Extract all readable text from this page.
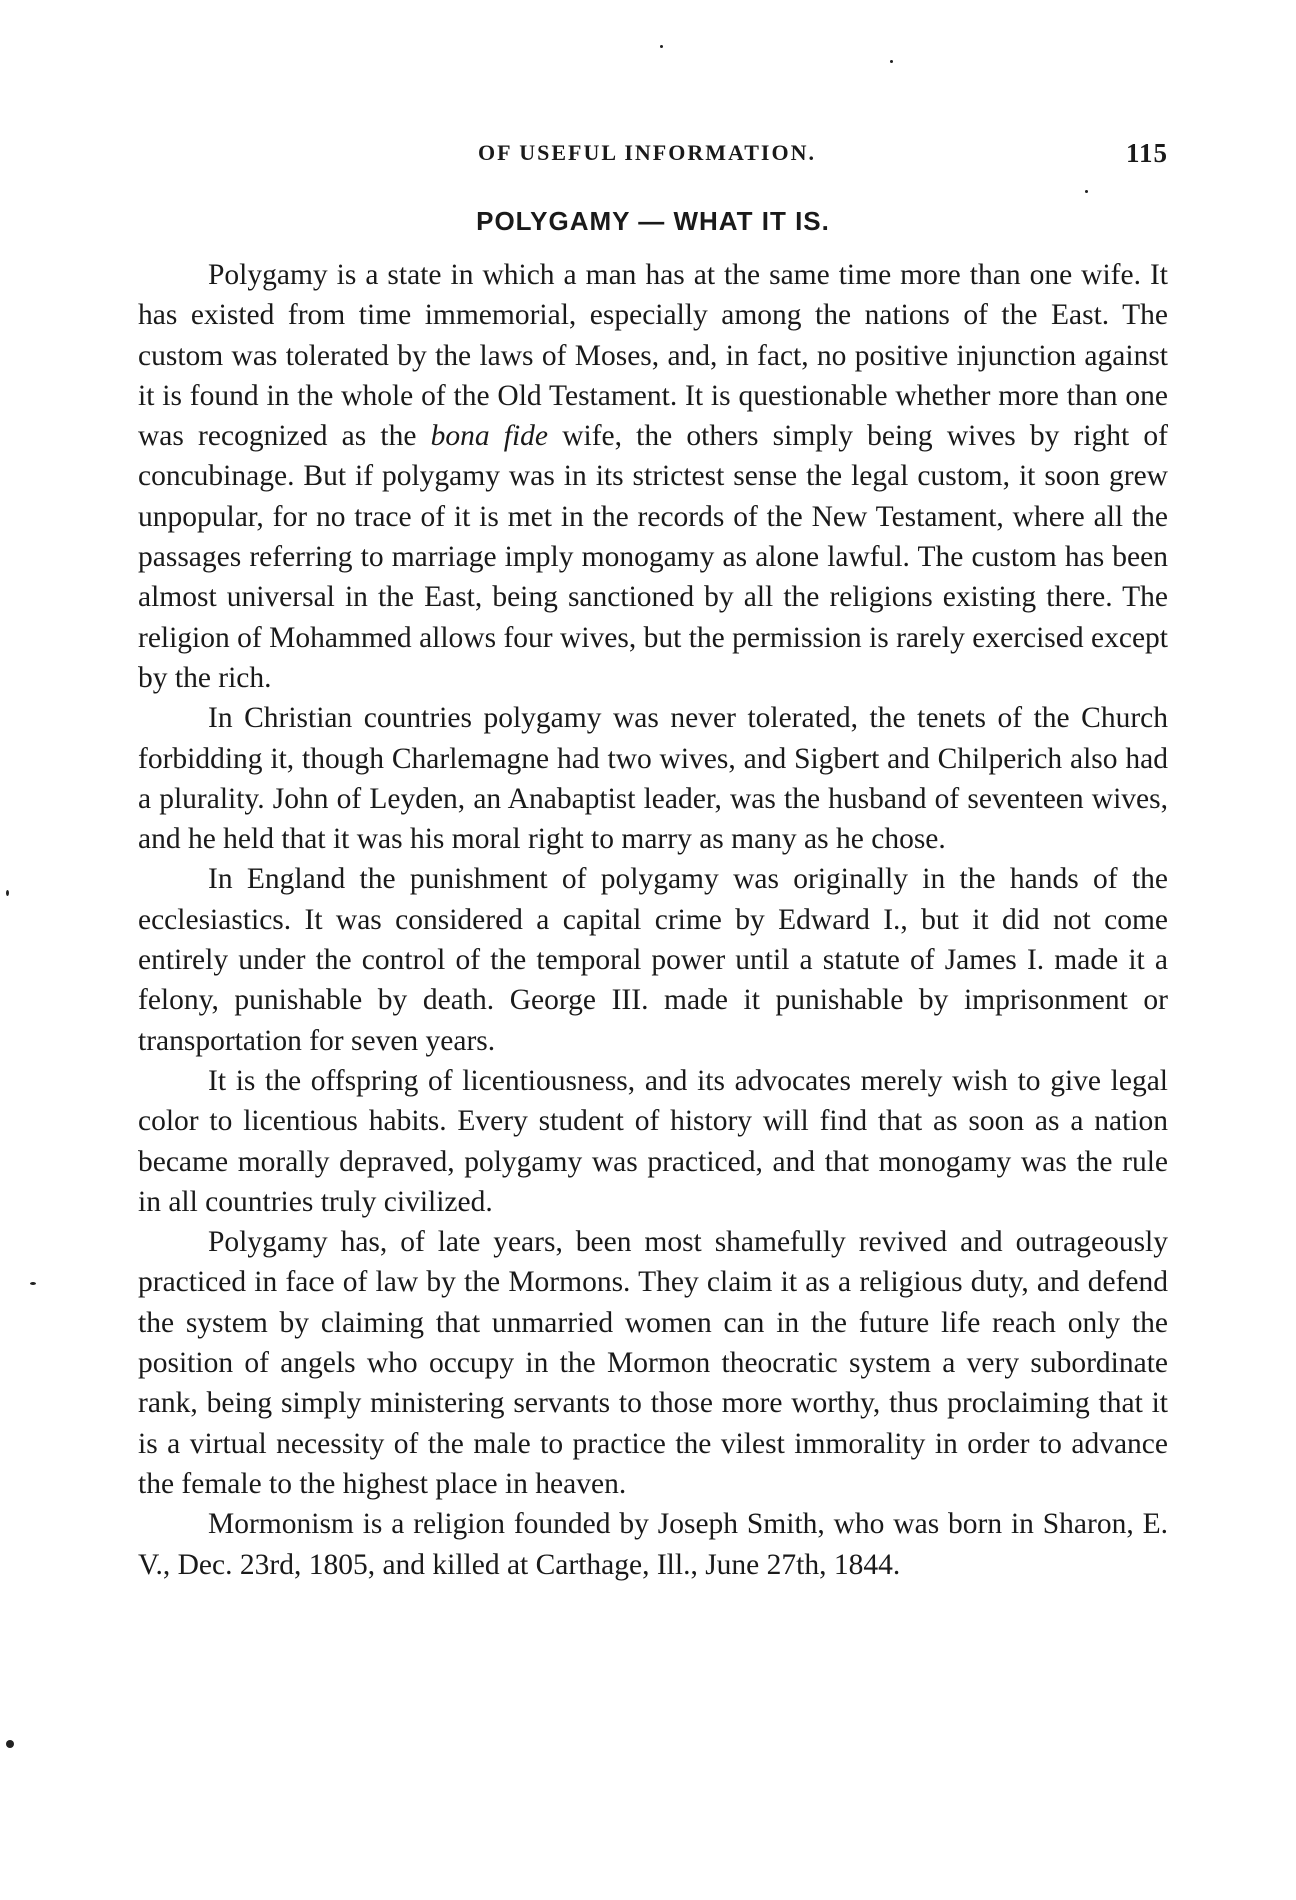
OF USEFUL INFORMATION.	115
POLYGAMY — WHAT IT IS.

Polygamy is a state in which a man has at the same time more than one wife. It has existed from time immemorial, especially among the nations of the East. The custom was tolerated by the laws of Moses, and, in fact, no positive injunction against it is found in the whole of the Old Testament. It is questionable whether more than one was recognized as the bona fide wife, the others simply being wives by right of concubinage. But if polygamy was in its strictest sense the legal custom, it soon grew unpopular, for no trace of it is met in the records of the New Testament, where all the passages referring to marriage imply monogamy as alone lawful. The custom has been almost universal in the East, being sanctioned by all the religions existing there. The religion of Mohammed allows four wives, but the permission is rarely exercised except by the rich.

In Christian countries polygamy was never tolerated, the tenets of the Church forbidding it, though Charlemagne had two wives, and Sigbert and Chilperich also had a plurality. John of Leyden, an Anabaptist leader, was the husband of seventeen wives, and he held that it was his moral right to marry as many as he chose.

In England the punishment of polygamy was originally in the hands of the ecclesiastics. It was considered a capital crime by Edward I., but it did not come entirely under the control of the temporal power until a statute of James I. made it a felony, punishable by death. George III. made it punishable by imprisonment or transportation for seven years.

It is the offspring of licentiousness, and its advocates merely wish to give legal color to licentious habits. Every student of history will find that as soon as a nation became morally depraved, polygamy was practiced, and that monogamy was the rule in all countries truly civilized.

Polygamy has, of late years, been most shamefully revived and outrageously practiced in face of law by the Mormons. They claim it as a religious duty, and defend the system by claiming that unmarried women can in the future life reach only the position of angels who occupy in the Mormon theocratic system a very subordinate rank, being simply ministering servants to those more worthy, thus proclaiming that it is a virtual necessity of the male to practice the vilest immorality in order to advance the female to the highest place in heaven.

Mormonism is a religion founded by Joseph Smith, who was born in Sharon, E. V., Dec. 23rd, 1805, and killed at Carthage, Ill., June 27th, 1844.
